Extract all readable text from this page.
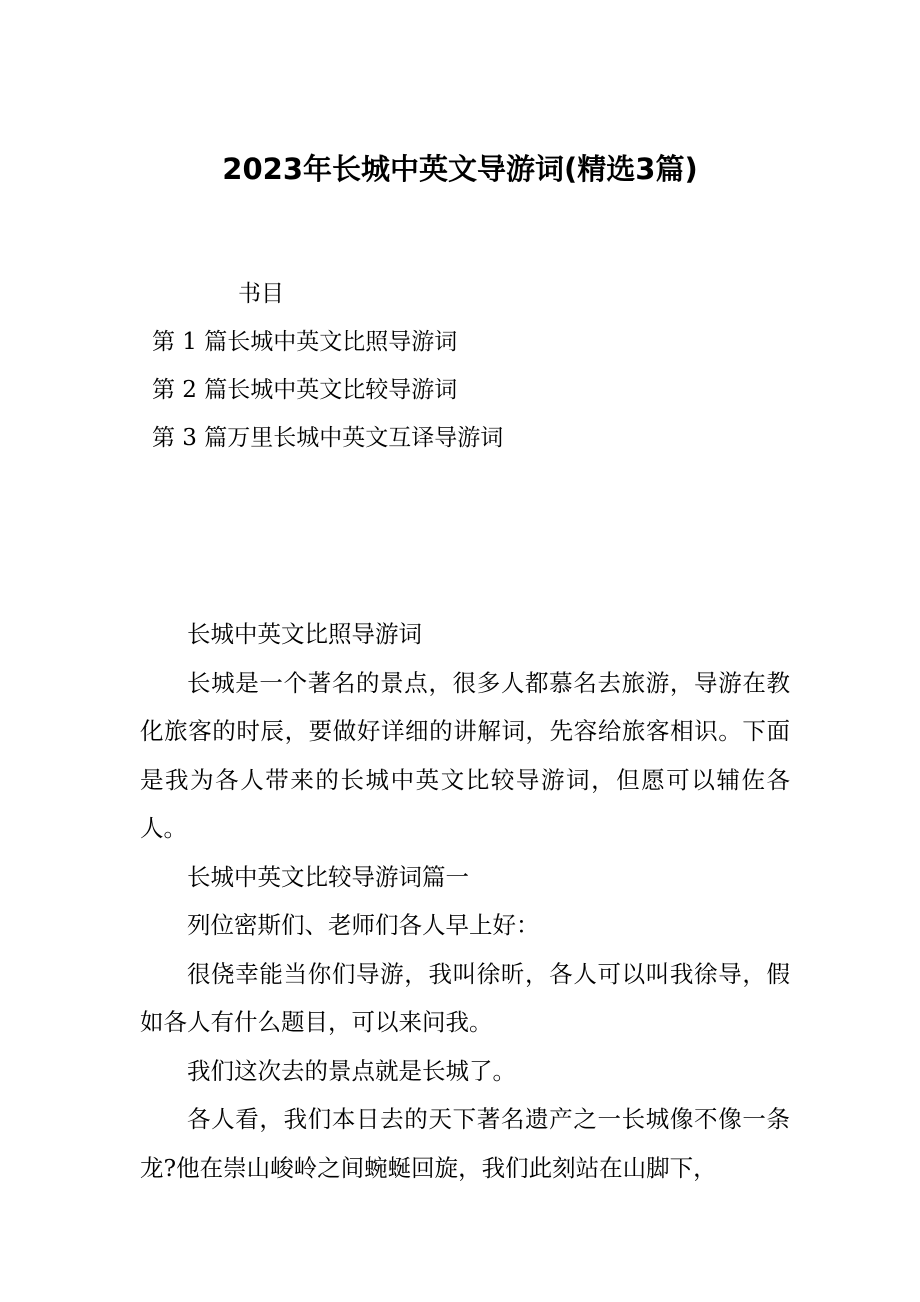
2023年长城中英文导游词(精选3篇)
书目
第 1 篇长城中英文比照导游词
第 2 篇长城中英文比较导游词
第 3 篇万里长城中英文互译导游词

长城中英文比照导游词

长城是一个著名的景点，很多人都慕名去旅游，导游在教化旅客的时辰，要做好详细的讲解词，先容给旅客相识。下面是我为各人带来的长城中英文比较导游词，但愿可以辅佐各人。

长城中英文比较导游词篇一

列位密斯们、老师们各人早上好：

很侥幸能当你们导游，我叫徐昕，各人可以叫我徐导，假如各人有什么题目，可以来问我。

我们这次去的景点就是长城了。

各人看，我们本日去的天下著名遗产之一长城像不像一条龙?他在崇山峻岭之间蜿蜒回旋，我们此刻站在山脚下，
